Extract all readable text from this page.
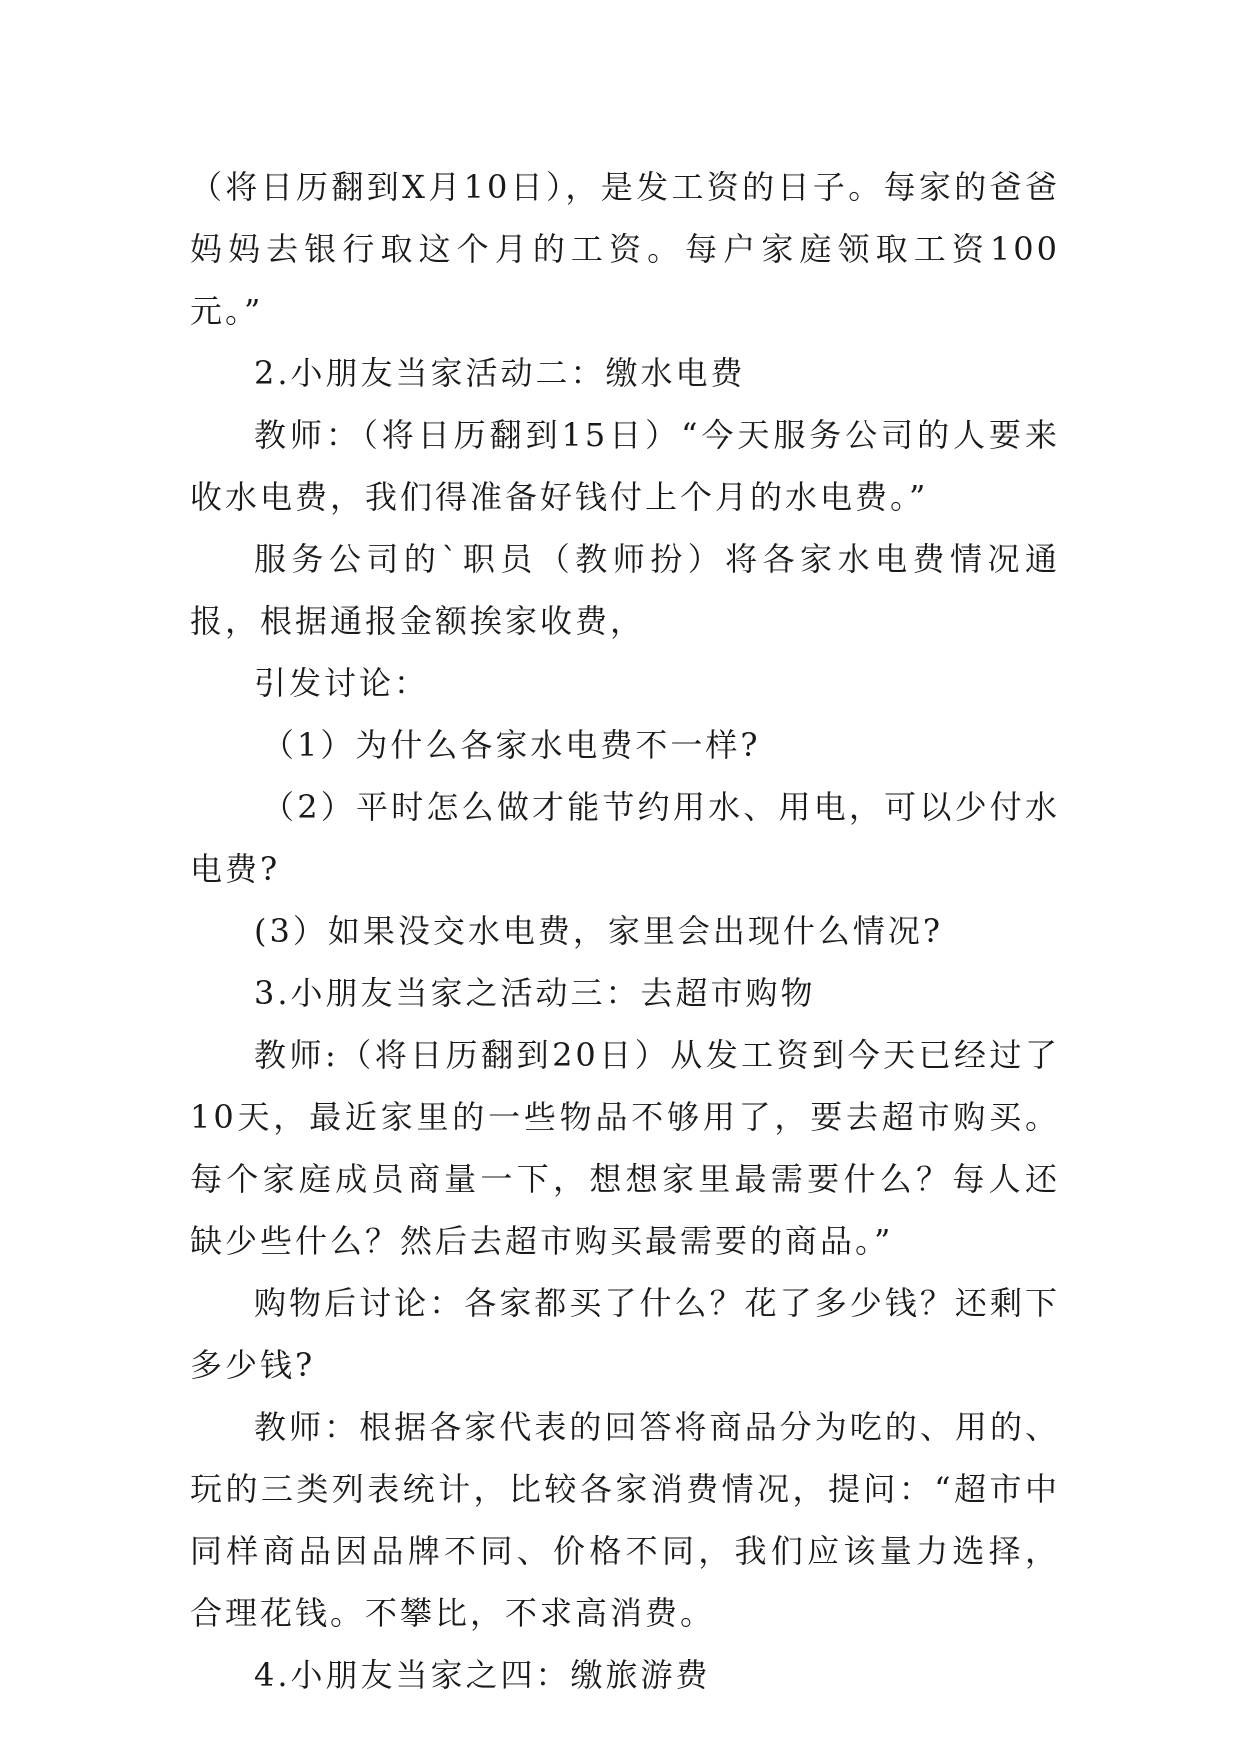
（将日历翻到X月10日），是发工资的日子。每家的爸爸妈妈去银行取这个月的工资。每户家庭领取工资100元。”

2.小朋友当家活动二：缴水电费

教师：（将日历翻到15日）“今天服务公司的人要来收水电费，我们得准备好钱付上个月的水电费。”

服务公司的`职员（教师扮）将各家水电费情况通报，根据通报金额挨家收费，

引发讨论：

（1）为什么各家水电费不一样?

（2）平时怎么做才能节约用水、用电，可以少付水电费?

(3）如果没交水电费，家里会出现什么情况?

3.小朋友当家之活动三：去超市购物

教师:（将日历翻到20日）从发工资到今天已经过了10天，最近家里的一些物品不够用了，要去超市购买。每个家庭成员商量一下，想想家里最需要什么？每人还缺少些什么？然后去超市购买最需要的商品。”

购物后讨论：各家都买了什么？花了多少钱？还剩下多少钱?

教师：根据各家代表的回答将商品分为吃的、用的、玩的三类列表统计，比较各家消费情况，提问：“超市中同样商品因品牌不同、价格不同，我们应该量力选择，合理花钱。不攀比，不求高消费。

4.小朋友当家之四：缴旅游费
